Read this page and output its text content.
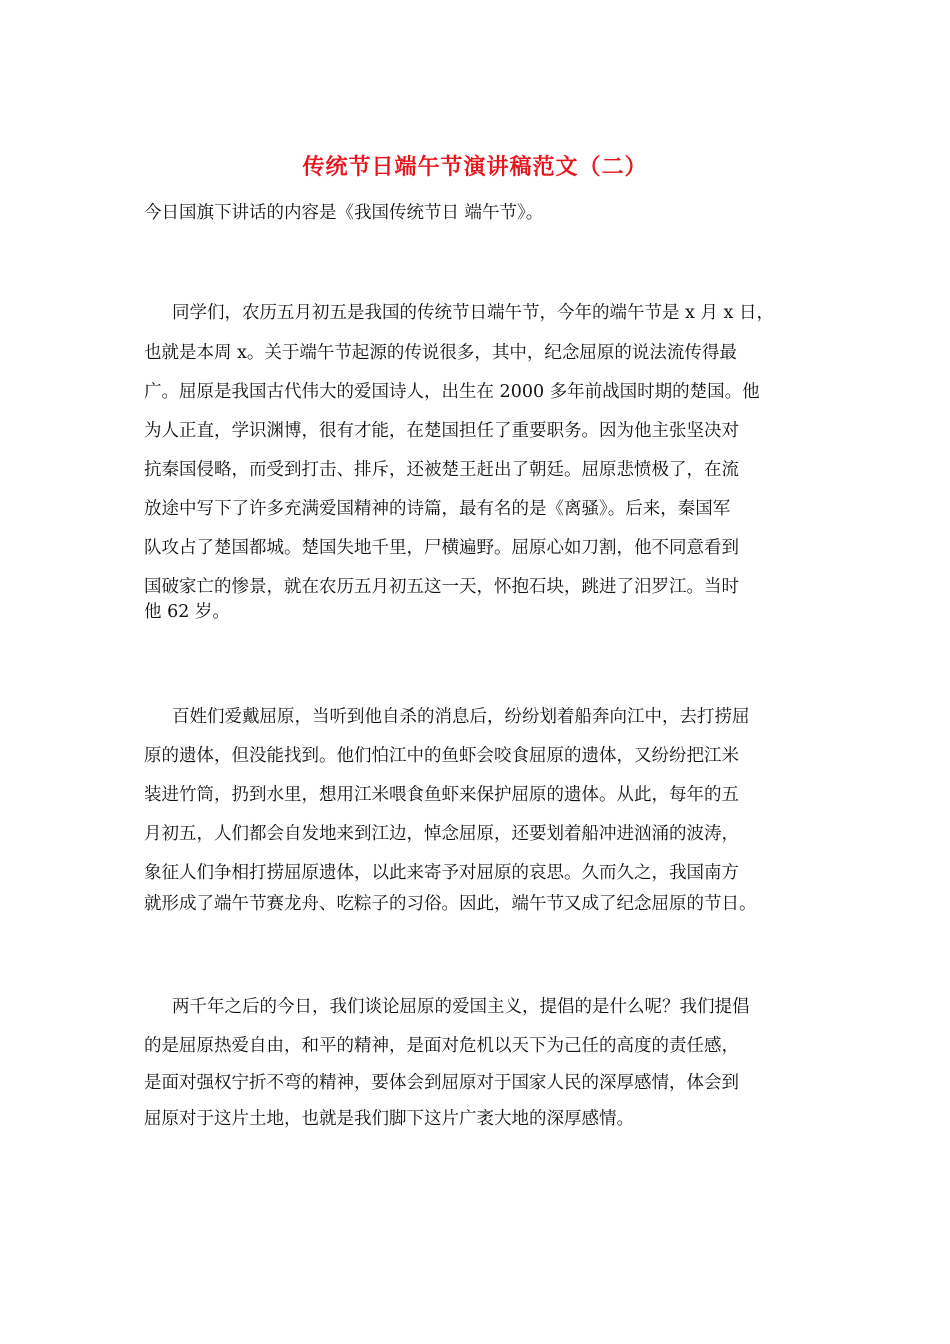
传统节日端午节演讲稿范文（二）

今日国旗下讲话的内容是《我国传统节日 端午节》。

同学们，农历五月初五是我国的传统节日端午节，今年的端午节是 x 月 x 日，

也就是本周 x。关于端午节起源的传说很多，其中，纪念屈原的说法流传得最

广。屈原是我国古代伟大的爱国诗人，出生在 2000 多年前战国时期的楚国。他

为人正直，学识渊博，很有才能，在楚国担任了重要职务。因为他主张坚决对

抗秦国侵略，而受到打击、排斥，还被楚王赶出了朝廷。屈原悲愤极了，在流

放途中写下了许多充满爱国精神的诗篇，最有名的是《离骚》。后来，秦国军

队攻占了楚国都城。楚国失地千里，尸横遍野。屈原心如刀割，他不同意看到

国破家亡的惨景，就在农历五月初五这一天，怀抱石块，跳进了汨罗江。当时

他 62 岁。

百姓们爱戴屈原，当听到他自杀的消息后，纷纷划着船奔向江中，去打捞屈

原的遗体，但没能找到。他们怕江中的鱼虾会咬食屈原的遗体，又纷纷把江米

装进竹筒，扔到水里，想用江米喂食鱼虾来保护屈原的遗体。从此，每年的五

月初五，人们都会自发地来到江边，悼念屈原，还要划着船冲进汹涌的波涛，

象征人们争相打捞屈原遗体，以此来寄予对屈原的哀思。久而久之，我国南方

就形成了端午节赛龙舟、吃粽子的习俗。因此，端午节又成了纪念屈原的节日。

两千年之后的今日，我们谈论屈原的爱国主义，提倡的是什么呢？我们提倡

的是屈原热爱自由，和平的精神，是面对危机以天下为己任的高度的责任感，

是面对强权宁折不弯的精神，要体会到屈原对于国家人民的深厚感情，体会到

屈原对于这片土地，也就是我们脚下这片广袤大地的深厚感情。
